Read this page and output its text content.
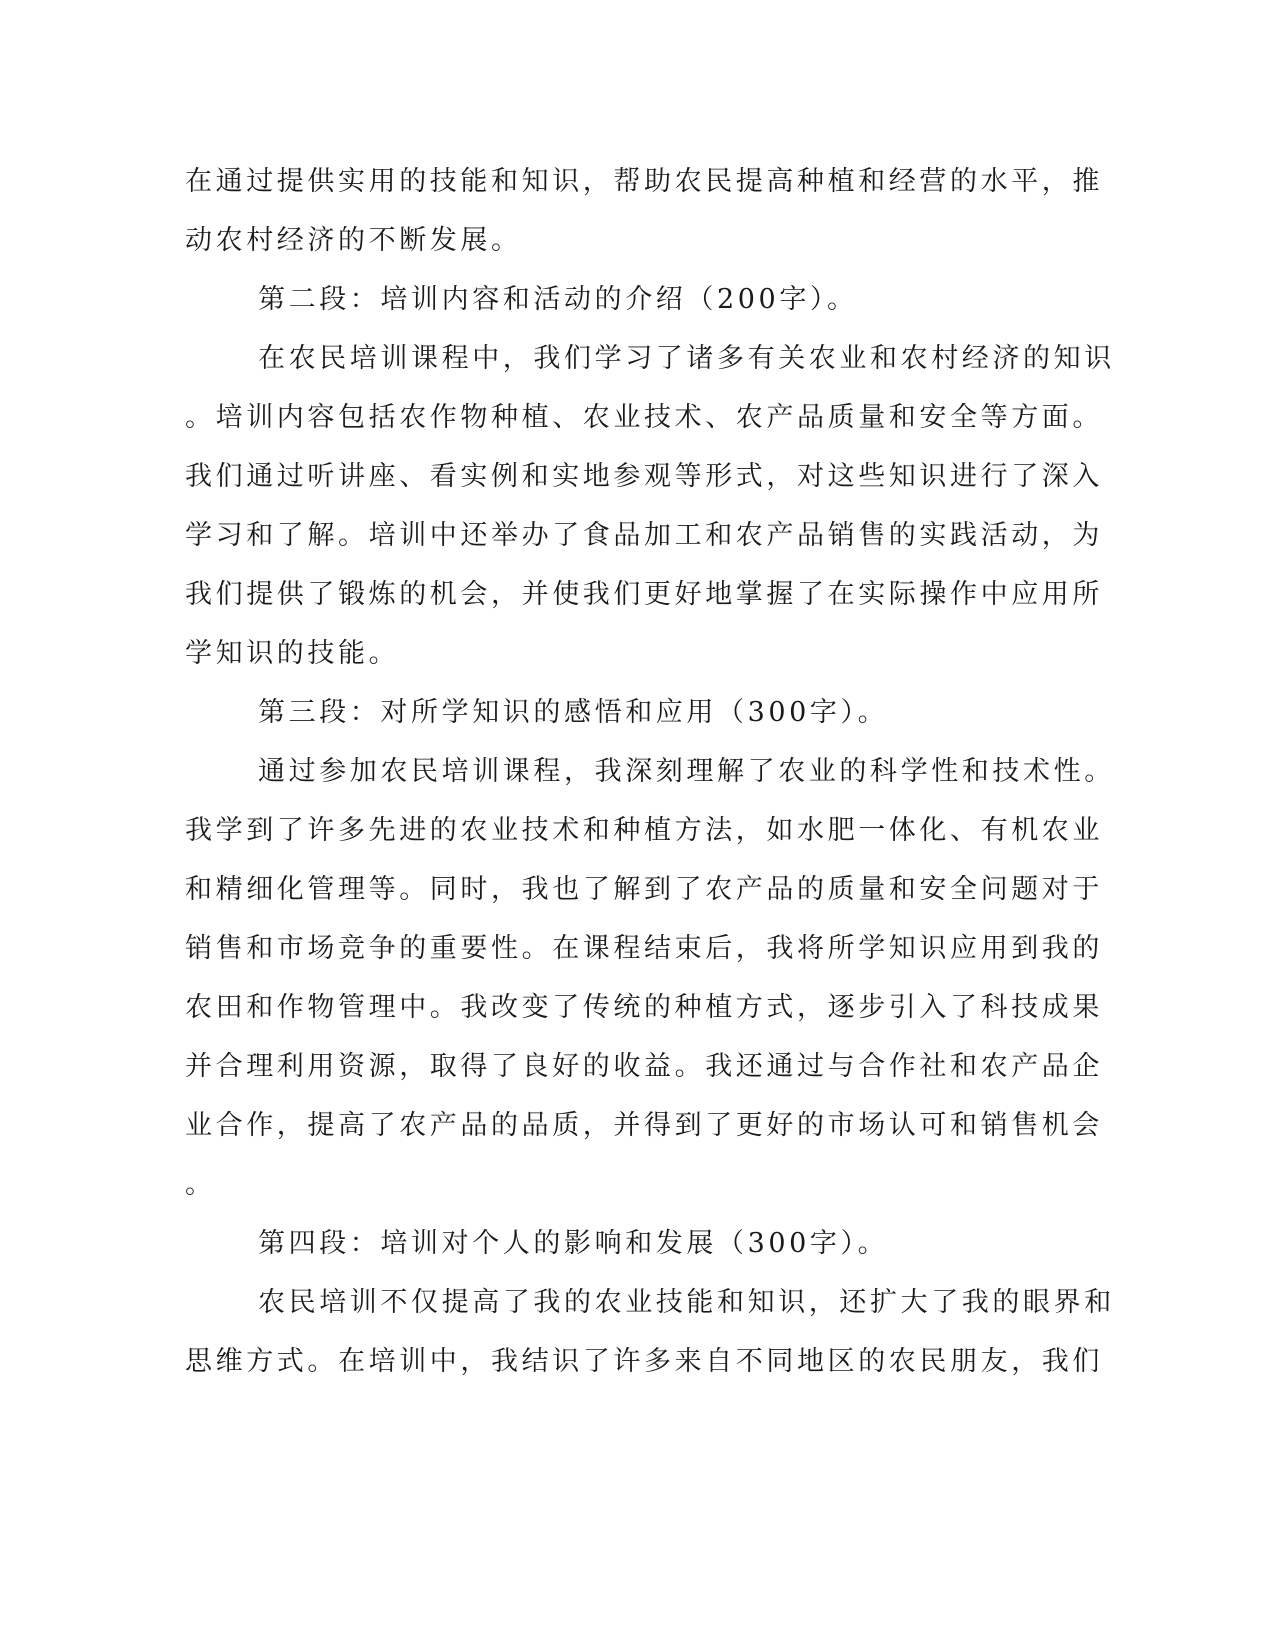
在通过提供实用的技能和知识，帮助农民提高种植和经营的水平，推
动农村经济的不断发展。
第二段：培训内容和活动的介绍（200字）。
在农民培训课程中，我们学习了诸多有关农业和农村经济的知识
。培训内容包括农作物种植、农业技术、农产品质量和安全等方面。
我们通过听讲座、看实例和实地参观等形式，对这些知识进行了深入
学习和了解。培训中还举办了食品加工和农产品销售的实践活动，为
我们提供了锻炼的机会，并使我们更好地掌握了在实际操作中应用所
学知识的技能。
第三段：对所学知识的感悟和应用（300字）。
通过参加农民培训课程，我深刻理解了农业的科学性和技术性。
我学到了许多先进的农业技术和种植方法，如水肥一体化、有机农业
和精细化管理等。同时，我也了解到了农产品的质量和安全问题对于
销售和市场竞争的重要性。在课程结束后，我将所学知识应用到我的
农田和作物管理中。我改变了传统的种植方式，逐步引入了科技成果
并合理利用资源，取得了良好的收益。我还通过与合作社和农产品企
业合作，提高了农产品的品质，并得到了更好的市场认可和销售机会
。
第四段：培训对个人的影响和发展（300字）。
农民培训不仅提高了我的农业技能和知识，还扩大了我的眼界和
思维方式。在培训中，我结识了许多来自不同地区的农民朋友，我们
